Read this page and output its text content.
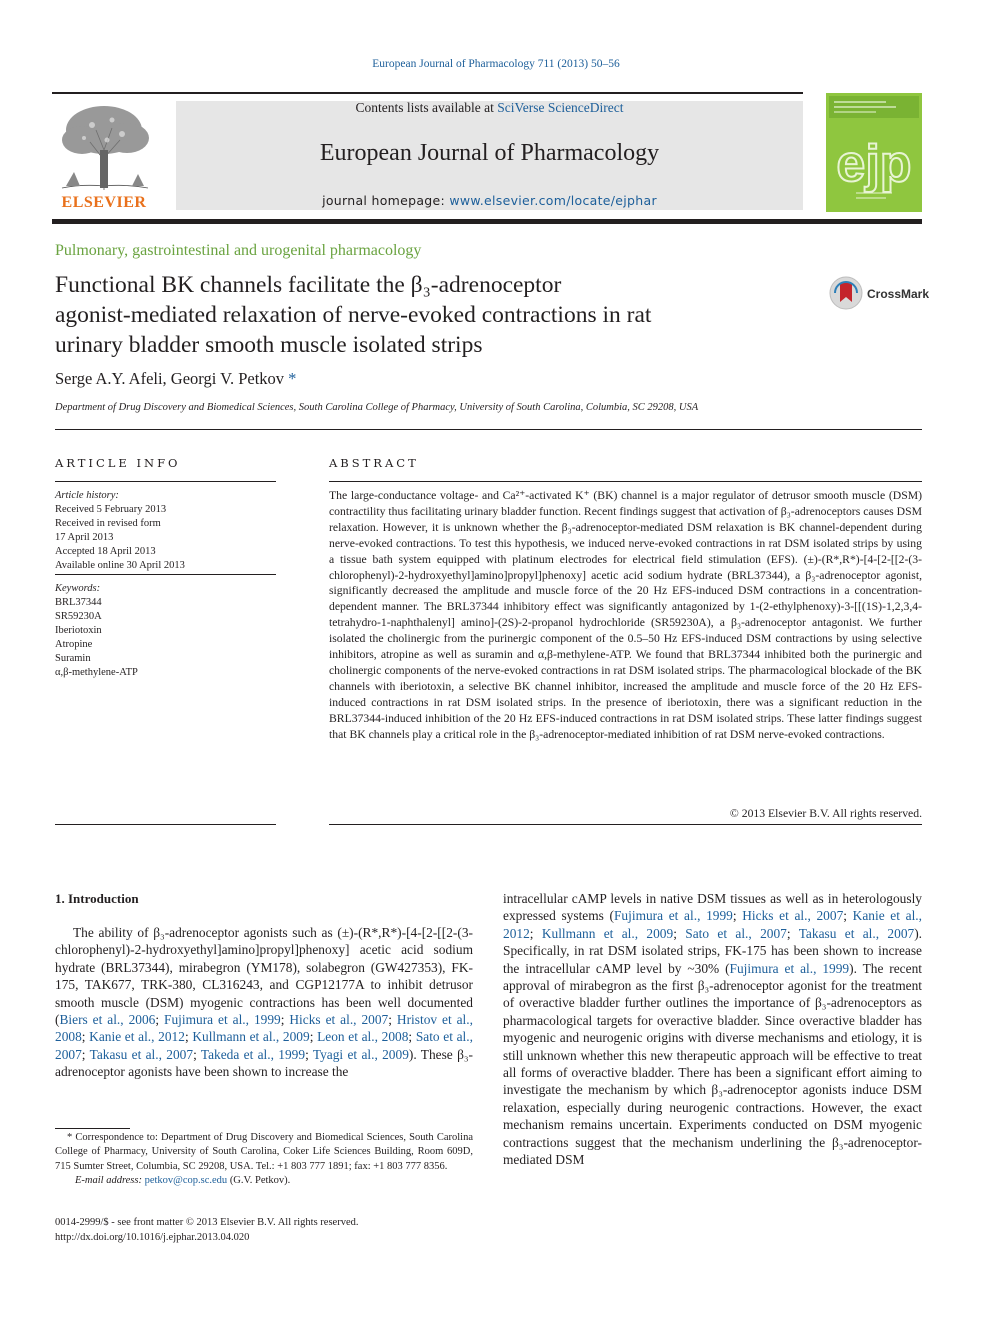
European Journal of Pharmacology 711 (2013) 50–56
ELSEVIER
Contents lists available at SciVerse ScienceDirect
European Journal of Pharmacology
journal homepage: www.elsevier.com/locate/ejphar
ejp
Pulmonary, gastrointestinal and urogenital pharmacology
Functional BK channels facilitate the β₃-adrenoceptor
agonist-mediated relaxation of nerve-evoked contractions in rat
urinary bladder smooth muscle isolated strips
CrossMark
Serge A.Y. Afeli, Georgi V. Petkov *
Department of Drug Discovery and Biomedical Sciences, South Carolina College of Pharmacy, University of South Carolina, Columbia, SC 29208, USA
ARTICLE INFO
Article history:
Received 5 February 2013
Received in revised form
17 April 2013
Accepted 18 April 2013
Available online 30 April 2013
Keywords:
BRL37344
SR59230A
Iberiotoxin
Atropine
Suramin
α,β-methylene-ATP
ABSTRACT
The large-conductance voltage- and Ca²⁺-activated K⁺ (BK) channel is a major regulator of detrusor smooth muscle (DSM) contractility thus facilitating urinary bladder function. Recent findings suggest that activation of β₃-adrenoceptors causes DSM relaxation. However, it is unknown whether the β₃-adrenoceptor-mediated DSM relaxation is BK channel-dependent during nerve-evoked contractions. To test this hypothesis, we induced nerve-evoked contractions in rat DSM isolated strips by using a tissue bath system equipped with platinum electrodes for electrical field stimulation (EFS). (±)-(R*,R*)-[4-[2-[[2-(3-chlorophenyl)-2-hydroxyethyl]amino]propyl]phenoxy] acetic acid sodium hydrate (BRL37344), a β₃-adrenoceptor agonist, significantly decreased the amplitude and muscle force of the 20 Hz EFS-induced DSM contractions in a concentration-dependent manner. The BRL37344 inhibitory effect was significantly antagonized by 1-(2-ethylphenoxy)-3-[[(1S)-1,2,3,4-tetrahydro-1-naphthalenyl] amino]-(2S)-2-propanol hydrochloride (SR59230A), a β₃-adrenoceptor antagonist. We further isolated the cholinergic from the purinergic component of the 0.5–50 Hz EFS-induced DSM contractions by using selective inhibitors, atropine as well as suramin and α,β-methylene-ATP. We found that BRL37344 inhibited both the purinergic and cholinergic components of the nerve-evoked contractions in rat DSM isolated strips. The pharmacological blockade of the BK channels with iberiotoxin, a selective BK channel inhibitor, increased the amplitude and muscle force of the 20 Hz EFS-induced contractions in rat DSM isolated strips. In the presence of iberiotoxin, there was a significant reduction in the BRL37344-induced inhibition of the 20 Hz EFS-induced contractions in rat DSM isolated strips. These latter findings suggest that BK channels play a critical role in the β₃-adrenoceptor-mediated inhibition of rat DSM nerve-evoked contractions.
© 2013 Elsevier B.V. All rights reserved.
1. Introduction
The ability of β₃-adrenoceptor agonists such as (±)-(R*,R*)-[4-[2-[[2-(3-chlorophenyl)-2-hydroxyethyl]amino]propyl]phenoxy] acetic acid sodium hydrate (BRL37344), mirabegron (YM178), solabegron (GW427353), FK-175, TAK677, TRK-380, CL316243, and CGP12177A to inhibit detrusor smooth muscle (DSM) myogenic contractions has been well documented (Biers et al., 2006; Fujimura et al., 1999; Hicks et al., 2007; Hristov et al., 2008; Kanie et al., 2012; Kullmann et al., 2009; Leon et al., 2008; Sato et al., 2007; Takasu et al., 2007; Takeda et al., 1999; Tyagi et al., 2009). These β₃-adrenoceptor agonists have been shown to increase the
intracellular cAMP levels in native DSM tissues as well as in heterologously expressed systems (Fujimura et al., 1999; Hicks et al., 2007; Kanie et al., 2012; Kullmann et al., 2009; Sato et al., 2007; Takasu et al., 2007). Specifically, in rat DSM isolated strips, FK-175 has been shown to increase the intracellular cAMP level by ~30% (Fujimura et al., 1999). The recent approval of mirabegron as the first β₃-adrenoceptor agonist for the treatment of overactive bladder further outlines the importance of β₃-adrenoceptors as pharmacological targets for overactive bladder. Since overactive bladder has myogenic and neurogenic origins with diverse mechanisms and etiology, it is still unknown whether this new therapeutic approach will be effective to treat all forms of overactive bladder. There has been a significant effort aiming to investigate the mechanism by which β₃-adrenoceptor agonists induce DSM relaxation, especially during neurogenic contractions. However, the exact mechanism remains uncertain. Experiments conducted on DSM myogenic contractions suggest that the mechanism underlining the β₃-adrenoceptor-mediated DSM
* Correspondence to: Department of Drug Discovery and Biomedical Sciences, South Carolina College of Pharmacy, University of South Carolina, Coker Life Sciences Building, Room 609D, 715 Sumter Street, Columbia, SC 29208, USA. Tel.: +1 803 777 1891; fax: +1 803 777 8356.
E-mail address: petkov@cop.sc.edu (G.V. Petkov).
0014-2999/$ - see front matter © 2013 Elsevier B.V. All rights reserved.
http://dx.doi.org/10.1016/j.ejphar.2013.04.020
